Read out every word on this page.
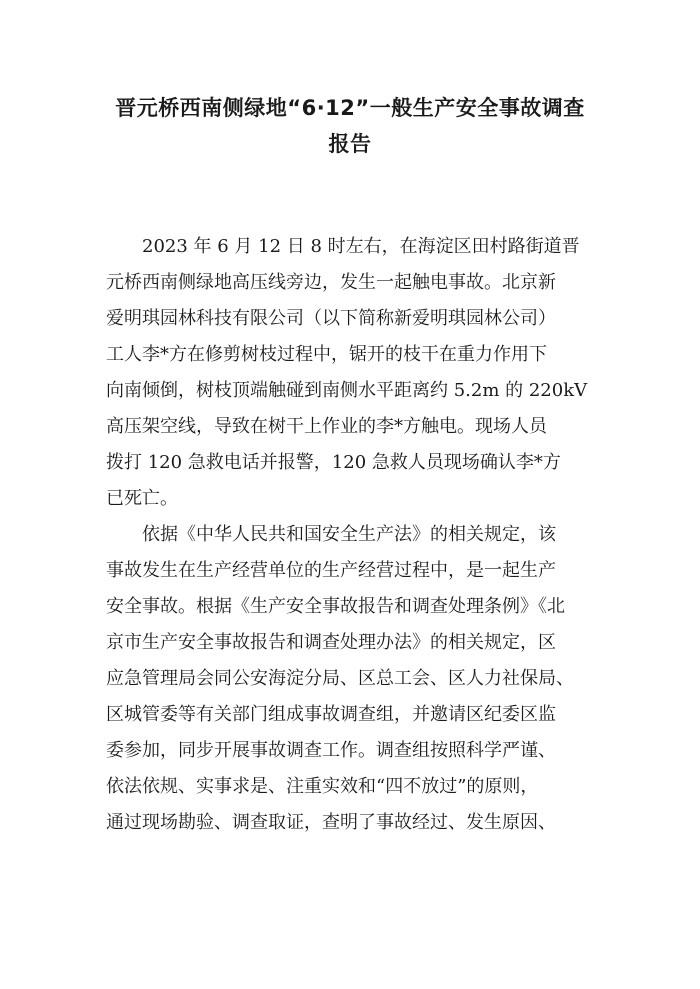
晋元桥西南侧绿地“6·12”一般生产安全事故调查
报告
2023 年 6 月 12 日 8 时左右，在海淀区田村路街道晋
元桥西南侧绿地高压线旁边，发生一起触电事故。北京新
爱明琪园林科技有限公司（以下简称新爱明琪园林公司）
工人李*方在修剪树枝过程中，锯开的枝干在重力作用下
向南倾倒，树枝顶端触碰到南侧水平距离约 5.2m 的 220kV
高压架空线，导致在树干上作业的李*方触电。现场人员
拨打 120 急救电话并报警，120 急救人员现场确认李*方
已死亡。
依据《中华人民共和国安全生产法》的相关规定，该
事故发生在生产经营单位的生产经营过程中，是一起生产
安全事故。根据《生产安全事故报告和调查处理条例》《北
京市生产安全事故报告和调查处理办法》的相关规定，区
应急管理局会同公安海淀分局、区总工会、区人力社保局、
区城管委等有关部门组成事故调查组，并邀请区纪委区监
委参加，同步开展事故调查工作。调查组按照科学严谨、
依法依规、实事求是、注重实效和“四不放过”的原则，
通过现场勘验、调查取证，查明了事故经过、发生原因、
